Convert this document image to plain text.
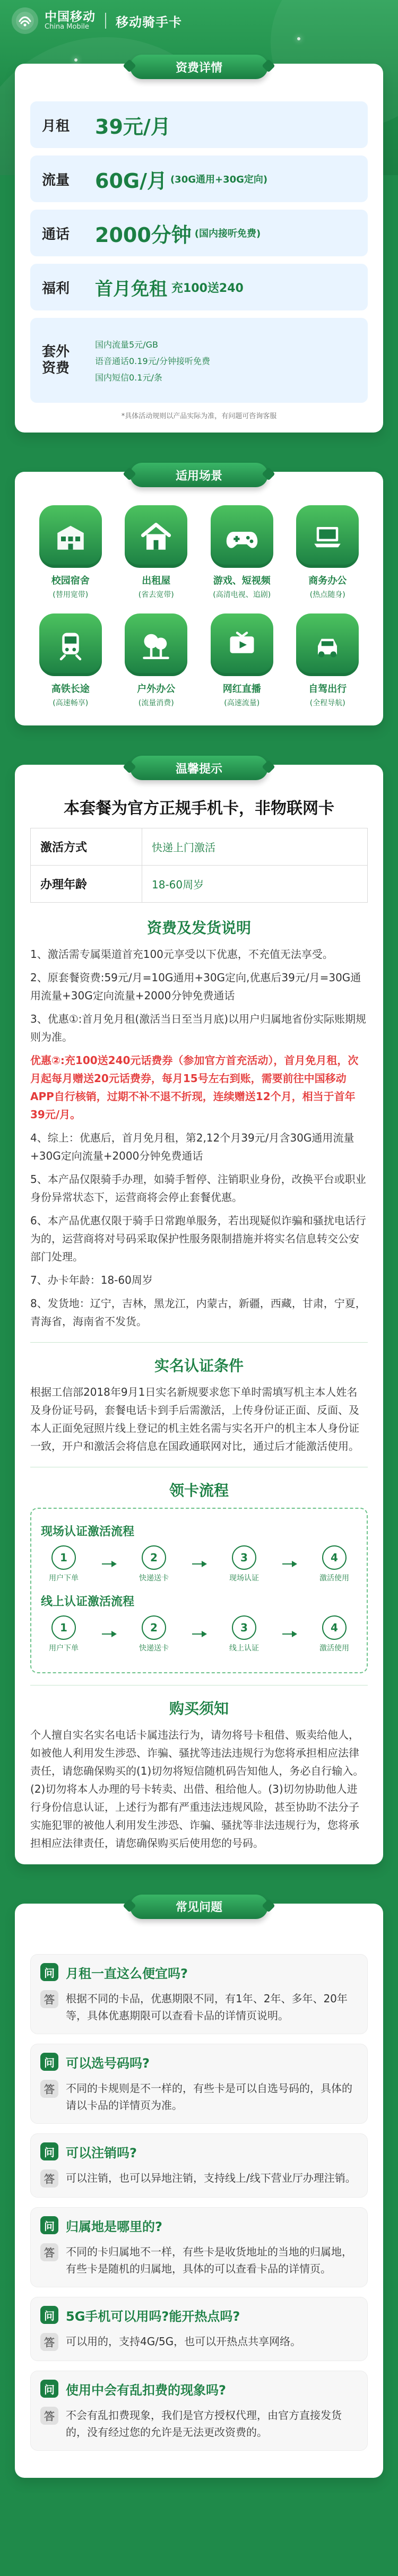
中国移动
China Mobile	移动骑手卡
资费详情
月租	39元/月
流量	60G/月 (30G通用+30G定向)
通话	2000分钟 (国内接听免费)
福利	首月免租 充100送240
套外
资费
国内流量5元/GB
语音通话0.19元/分钟接听免费
国内短信0.1元/条
*具体活动规则以产品实际为准，有问题可咨询客服
适用场景
校园宿舍
(替用宽带)
出租屋
(省去宽带)
游戏、短视频
(高清电视、追剧)
商务办公
(热点随身)
高铁长途
(高速畅享)
户外办公
(流量消费)
网红直播
(高速流量)
自驾出行
(全程导航)
温馨提示
本套餐为官方正规手机卡，非物联网卡
激活方式	快递上门激活
办理年龄	18-60周岁
资费及发货说明

1、激活需专属渠道首充100元享受以下优惠，不充值无法享受。

2、原套餐资费:59元/月=10G通用+30G定向,优惠后39元/月=30G通用流量+30G定向流量+2000分钟免费通话

3、优惠①:首月免月租(激活当日至当月底)以用户归属地省份实际账期规则为准。

优惠②:充100送240元话费券（参加官方首充活动），首月免月租，次月起每月赠送20元话费券，每月15号左右到账，需要前往中国移动APP自行核销，过期不补不退不折现，连续赠送12个月，相当于首年39元/月。

4、综上：优惠后，首月免月租，第2,12个月39元/月含30G通用流量+30G定向流量+2000分钟免费通话

5、本产品仅限骑手办理，如骑手暂停、注销职业身份，改换平台或职业身份异常状态下，运营商将会停止套餐优惠。

6、本产品优惠仅限于骑手日常跑单服务，若出现疑似诈骗和骚扰电话行为的，运营商将对号码采取保护性服务限制措施并将实名信息转交公安部门处理。

7、办卡年龄：18-60周岁

8、发货地：辽宁，吉林，黑龙江，内蒙古，新疆，西藏，甘肃，宁夏，青海省，海南省不发货。

实名认证条件
根据工信部2018年9月1日实名新规要求您下单时需填写机主本人姓名及身份证号码，套餐电话卡到手后需激活，上传身份证正面、反面、及本人正面免冠照片线上登记的机主姓名需与实名开户的机主本人身份证一致，开户和激活会将信息在国政通联网对比，通过后才能激活使用。
领卡流程
现场认证激活流程
1
用户下单
2
快递送卡
3
现场认证
4
激活使用
线上认证激活流程
1
用户下单
2
快递送卡
3
线上认证
4
激活使用
购买须知
个人擅自实名实名电话卡属违法行为，请勿将号卡租借、贩卖给他人，如被他人利用发生涉恐、诈骗、骚扰等违法违规行为您将承担相应法律责任，请您确保购买的(1)切勿将短信随机码告知他人，务必自行输入。(2)切勿将本人办理的号卡转卖、出借、租给他人。(3)切勿协助他人进行身份信息认证，上述行为都有严重违法违规风险，甚至协助不法分子实施犯罪的被他人利用发生涉恐、诈骗、骚扰等非法违规行为，您将承担相应法律责任，请您确保购买后使用您的号码。
常见问题
问 月租一直这么便宜吗?
答	根据不同的卡品，优惠期限不同，有1年、2年、多年、20年等，具体优惠期限可以查看卡品的详情页说明。
问 可以选号码吗?
答	不同的卡规则是不一样的，有些卡是可以自选号码的，具体的请以卡品的详情页为准。
问 可以注销吗?
答	可以注销，也可以异地注销，支持线上/线下营业厅办理注销。
问 归属地是哪里的?
答	不同的卡归属地不一样，有些卡是收货地址的当地的归属地，有些卡是随机的归属地，具体的可以查看卡品的详情页。
问 5G手机可以用吗?能开热点吗?
答	可以用的，支持4G/5G，也可以开热点共享网络。
问 使用中会有乱扣费的现象吗?
答	不会有乱扣费现象，我们是官方授权代理，由官方直接发货的，没有经过您的允许是无法更改资费的。
